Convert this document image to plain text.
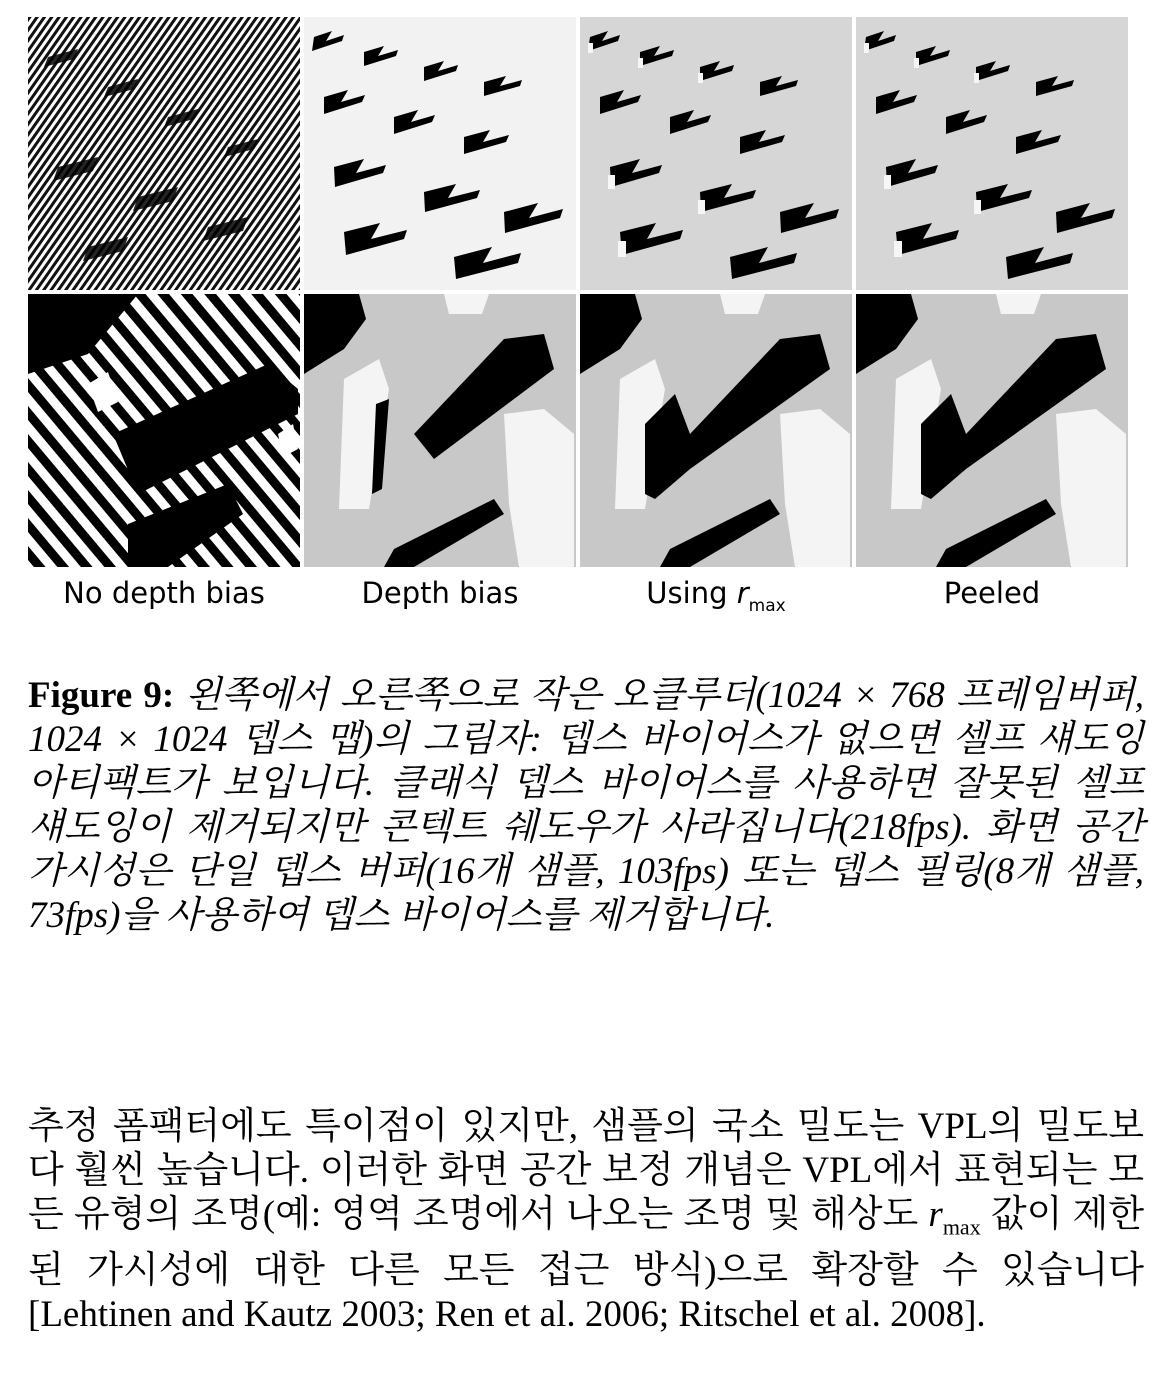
No depth bias	Depth bias	Using $r_{max}$	Peeled
Figure 9: 왼쪽에서 오른쪽으로 작은 오클루더(1024 × 768 프레임버퍼, 1024 × 1024 뎁스 맵)의 그림자: 뎁스 바이어스가 없으면 셀프 섀도잉 아티팩트가 보입니다. 클래식 뎁스 바이어스를 사용하면 잘못된 셀프 섀도잉이 제거되지만 콘텍트 쉐도우가 사라집니다(218fps). 화면 공간 가시성은 단일 뎁스 버퍼(16개 샘플, 103fps) 또는 뎁스 필링(8개 샘플, 73fps)을 사용하여 뎁스 바이어스를 제거합니다.
추정 폼팩터에도 특이점이 있지만, 샘플의 국소 밀도는 VPL의 밀도보다 훨씬 높습니다. 이러한 화면 공간 보정 개념은 VPL에서 표현되는 모든 유형의 조명(예: 영역 조명에서 나오는 조명 및 해상도 $r_{max}$ 값이 제한된 가시성에 대한 다른 모든 접근 방식)으로 확장할 수 있습니다[Lehtinen and Kautz 2003; Ren et al. 2006; Ritschel et al. 2008].
